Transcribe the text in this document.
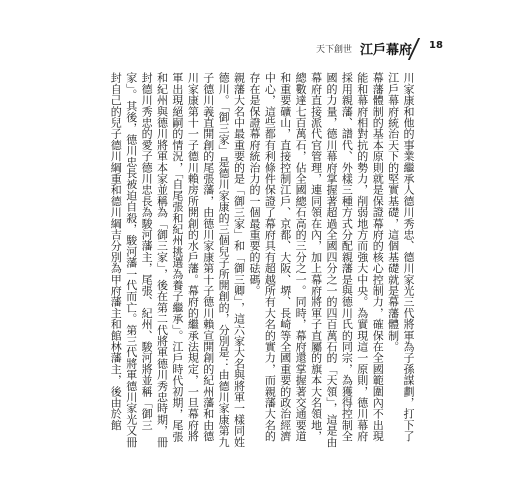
天下創世 江戶幕府 18

川家康和他的事業繼承人德川秀忠、德川家光三代將軍為子孫謀劃，打下了江戶幕府統治天下的堅實基礎，這個基礎就是幕藩體制。

幕藩體制的基本原則就是保證幕府的核心控制力，確保在全國範圍內不出現能和幕府相對抗的勢力，削弱地方而強大中央。為實現這一原則，德川幕府採用親藩、譜代、外樣三種方式分配親藩是與德川氏的同宗，為獲得控制全國的力量，德川幕府掌握著超過全國四分之一的四百萬石的「天領」，這是由幕府直接派代官管理，連同領在內，加上幕府將軍子直屬的旗本大名領地，總數達七百萬石，佔全國總石高的三分之一。同時，幕府還掌握著交通要道和重要礦山，直接控制江戶、京都、大阪、堺、長崎等全國重要的政治經濟中心，這些都有利條件保證了幕府具有超越所有大名的實力，而親藩大名的存在是保證幕府統治力的一個最重要的砝碼。

親藩大名中最重要的是「御三家」和「御三卿」，這六家大名與將軍一樣同姓德川。「御三家」是德川家康的三個兒子所開創的，分別是：由德川家康第九子德川義直開創的尾張藩，由德川家康第十子德川賴宣開創的紀州藩和由德川家康第十一子德川賴房所開創的水戶藩。幕府的繼承法規定，一旦幕府將軍出現絕嗣的情況，「自尾張和紀州挑選為養子繼承」。江戶時代初期，尾張和紀州與德川將軍本家並稱為「御三家」，後在第二代將軍德川秀忠時期，冊封德川秀忠的愛子德川忠長為駿河藩主，尾張、紀州、駿河將並稱「御三家」。其後，德川忠長被迫自殺，駿河藩一代而亡。第三代將軍德川家光又冊封自己的兒子德川綱重和德川綱吉分別為甲府藩主和館林藩主，後由於館
